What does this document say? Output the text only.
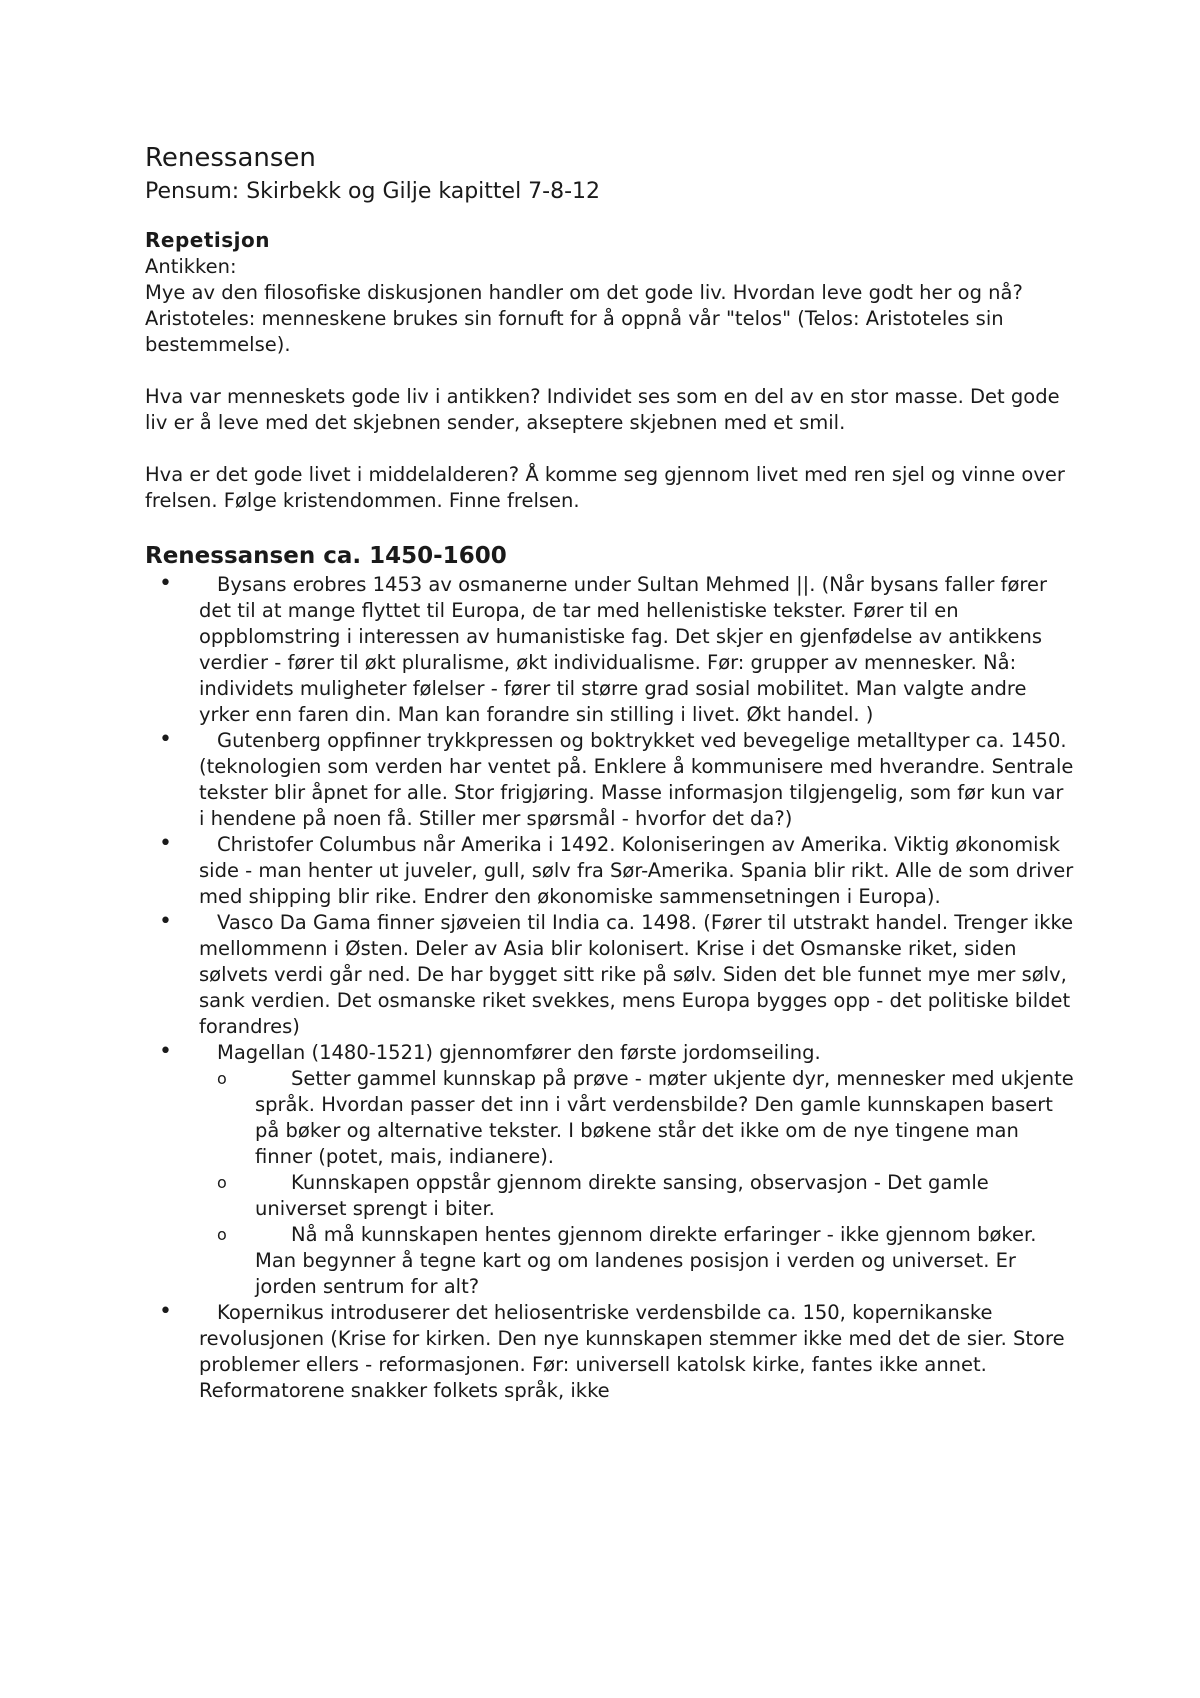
Renessansen
Pensum: Skirbekk og Gilje kapittel 7-8-12
Repetisjon

Antikken:

Mye av den filosofiske diskusjonen handler om det gode liv. Hvordan leve godt her og nå?

Aristoteles: menneskene brukes sin fornuft for å oppnå vår "telos" (Telos: Aristoteles sin bestemmelse).

Hva var menneskets gode liv i antikken? Individet ses som en del av en stor masse. Det gode liv er å leve med det skjebnen sender, akseptere skjebnen med et smil.

Hva er det gode livet i middelalderen? Å komme seg gjennom livet med ren sjel og vinne over frelsen. Følge kristendommen. Finne frelsen.

Renessansen ca. 1450-1600
• Bysans erobres 1453 av osmanerne under Sultan Mehmed ||. (Når bysans faller fører det til at mange flyttet til Europa, de tar med hellenistiske tekster. Fører til en oppblomstring i interessen av humanistiske fag. Det skjer en gjenfødelse av antikkens verdier - fører til økt pluralisme, økt individualisme. Før: grupper av mennesker. Nå: individets muligheter følelser - fører til større grad sosial mobilitet. Man valgte andre yrker enn faren din. Man kan forandre sin stilling i livet. Økt handel. )
• Gutenberg oppfinner trykkpressen og boktrykket ved bevegelige metalltyper ca. 1450. (teknologien som verden har ventet på. Enklere å kommunisere med hverandre. Sentrale tekster blir åpnet for alle. Stor frigjøring. Masse informasjon tilgjengelig, som før kun var i hendene på noen få. Stiller mer spørsmål - hvorfor det da?)
• Christofer Columbus når Amerika i 1492. Koloniseringen av Amerika. Viktig økonomisk side - man henter ut juveler, gull, sølv fra Sør-Amerika. Spania blir rikt. Alle de som driver med shipping blir rike. Endrer den økonomiske sammensetningen i Europa).
• Vasco Da Gama finner sjøveien til India ca. 1498. (Fører til utstrakt handel. Trenger ikke mellommenn i Østen. Deler av Asia blir kolonisert. Krise i det Osmanske riket, siden sølvets verdi går ned. De har bygget sitt rike på sølv. Siden det ble funnet mye mer sølv, sank verdien. Det osmanske riket svekkes, mens Europa bygges opp - det politiske bildet forandres)
• Magellan (1480-1521) gjennomfører den første jordomseiling.
o Setter gammel kunnskap på prøve - møter ukjente dyr, mennesker med ukjente språk. Hvordan passer det inn i vårt verdensbilde? Den gamle kunnskapen basert på bøker og alternative tekster. I bøkene står det ikke om de nye tingene man finner (potet, mais, indianere).
o Kunnskapen oppstår gjennom direkte sansing, observasjon - Det gamle universet sprengt i biter.
o Nå må kunnskapen hentes gjennom direkte erfaringer - ikke gjennom bøker. Man begynner å tegne kart og om landenes posisjon i verden og universet. Er jorden sentrum for alt?
• Kopernikus introduserer det heliosentriske verdensbilde ca. 150, kopernikanske revolusjonen (Krise for kirken. Den nye kunnskapen stemmer ikke med det de sier. Store problemer ellers - reformasjonen. Før: universell katolsk kirke, fantes ikke annet. Reformatorene snakker folkets språk, ikke
